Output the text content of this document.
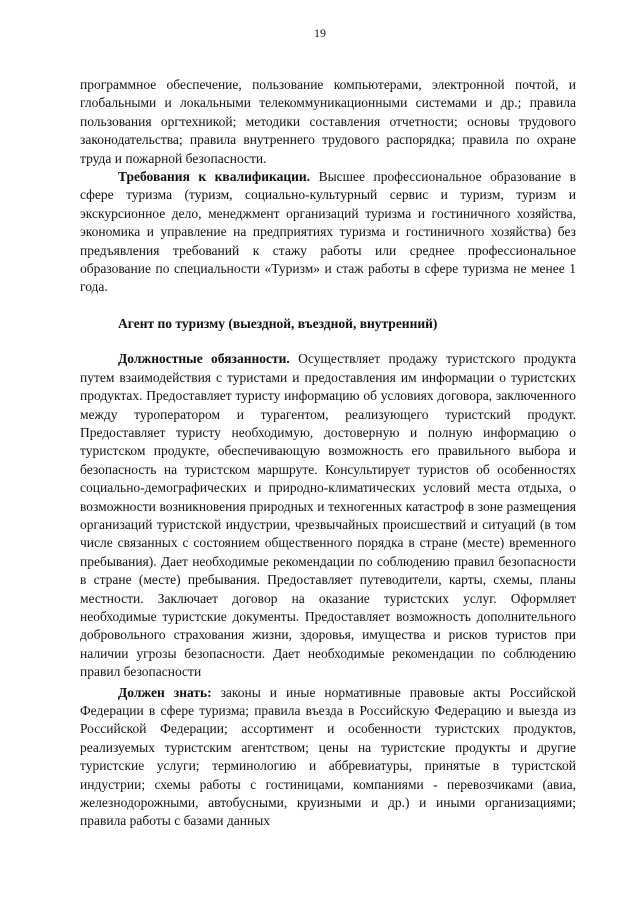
19

программное обеспечение, пользование компьютерами, электронной почтой, и глобальными и локальными телекоммуникационными системами и др.; правила пользования оргтехникой; методики составления отчетности; основы трудового законодательства; правила внутреннего трудового распорядка; правила по охране труда и пожарной безопасности.

Требования к квалификации. Высшее профессиональное образование в сфере туризма (туризм, социально-культурный сервис и туризм, туризм и экскурсионное дело, менеджмент организаций туризма и гостиничного хозяйства, экономика и управление на предприятиях туризма и гостиничного хозяйства) без предъявления требований к стажу работы или среднее профессиональное образование по специальности «Туризм» и стаж работы в сфере туризма не менее 1 года.

Агент по туризму (выездной, въездной, внутренний)

Должностные обязанности. Осуществляет продажу туристского продукта путем взаимодействия с туристами и предоставления им информации о туристских продуктах. Предоставляет туристу информацию об условиях договора, заключенного между туроператором и турагентом, реализующего туристский продукт. Предоставляет туристу необходимую, достоверную и полную информацию о туристском продукте, обеспечивающую возможность его правильного выбора и безопасность на туристском маршруте. Консультирует туристов об особенностях социально-демографических и природно-климатических условий места отдыха, о возможности возникновения природных и техногенных катастроф в зоне размещения организаций туристской индустрии, чрезвычайных происшествий и ситуаций (в том числе связанных с состоянием общественного порядка в стране (месте) временного пребывания). Дает необходимые рекомендации по соблюдению правил безопасности в стране (месте) пребывания. Предоставляет путеводители, карты, схемы, планы местности. Заключает договор на оказание туристских услуг. Оформляет необходимые туристские документы. Предоставляет возможность дополнительного добровольного страхования жизни, здоровья, имущества и рисков туристов при наличии угрозы безопасности. Дает необходимые рекомендации по соблюдению правил безопасности

Должен знать: законы и иные нормативные правовые акты Российской Федерации в сфере туризма; правила въезда в Российскую Федерацию и выезда из Российской Федерации; ассортимент и особенности туристских продуктов, реализуемых туристским агентством; цены на туристские продукты и другие туристские услуги; терминологию и аббревиатуры, принятые в туристской индустрии; схемы работы с гостиницами, компаниями - перевозчиками (авиа, железнодорожными, автобусными, круизными и др.) и иными организациями; правила работы с базами данных
